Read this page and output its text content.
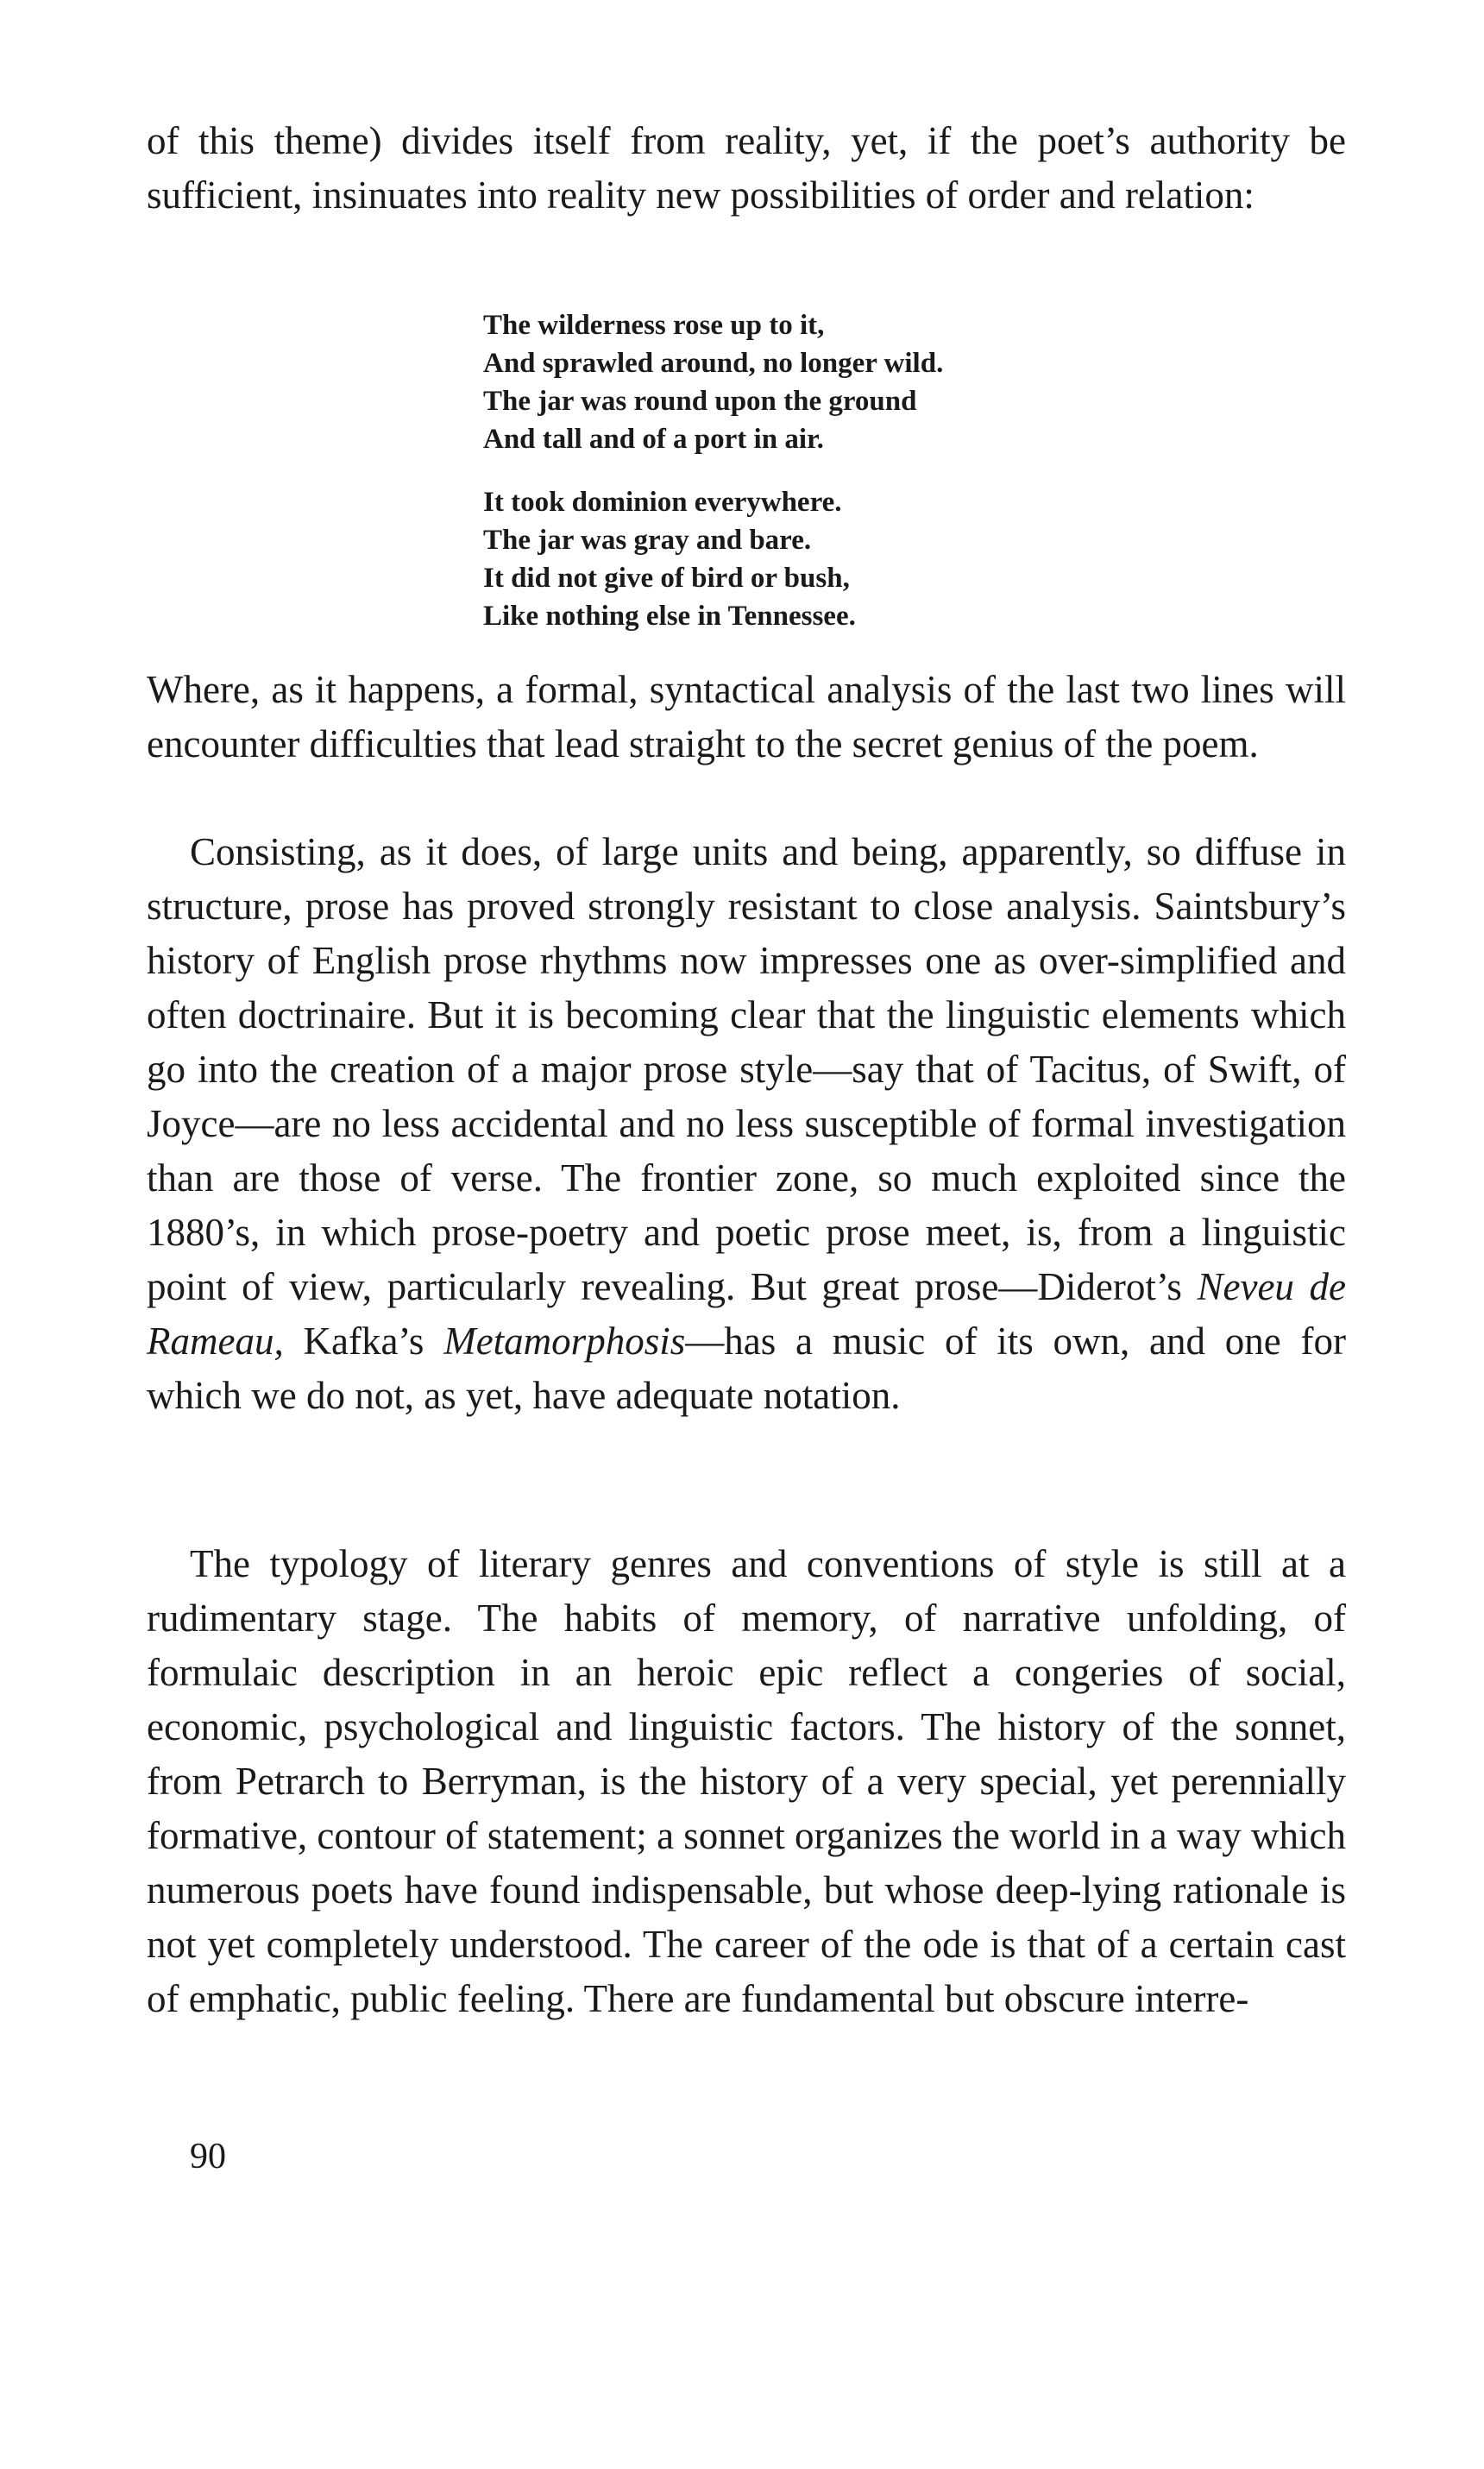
of this theme) divides itself from reality, yet, if the poet’s authority be sufficient, insinuates into reality new possibilities of order and relation:

The wilderness rose up to it,
And sprawled around, no longer wild.
The jar was round upon the ground
And tall and of a port in air.
It took dominion everywhere.
The jar was gray and bare.
It did not give of bird or bush,
Like nothing else in Tennessee.

Where, as it happens, a formal, syntactical analysis of the last two lines will encounter difficulties that lead straight to the secret genius of the poem.

Consisting, as it does, of large units and being, apparently, so diffuse in structure, prose has proved strongly resistant to close analysis. Saintsbury’s history of English prose rhythms now impresses one as over-simplified and often doctrinaire. But it is becoming clear that the linguistic elements which go into the creation of a major prose style—say that of Tacitus, of Swift, of Joyce—are no less accidental and no less susceptible of formal investigation than are those of verse. The frontier zone, so much exploited since the 1880’s, in which prose-poetry and poetic prose meet, is, from a linguistic point of view, particularly revealing. But great prose—Diderot’s Neveu de Rameau, Kafka’s Metamorphosis—has a music of its own, and one for which we do not, as yet, have adequate notation.

The typology of literary genres and conventions of style is still at a rudimentary stage. The habits of memory, of narrative unfolding, of formulaic description in an heroic epic reflect a congeries of social, economic, psychological and linguistic factors. The history of the sonnet, from Petrarch to Berryman, is the history of a very special, yet perennially formative, contour of statement; a sonnet organizes the world in a way which numerous poets have found indispensable, but whose deep-lying rationale is not yet completely understood. The career of the ode is that of a certain cast of emphatic, public feeling. There are fundamental but obscure interre-

90
